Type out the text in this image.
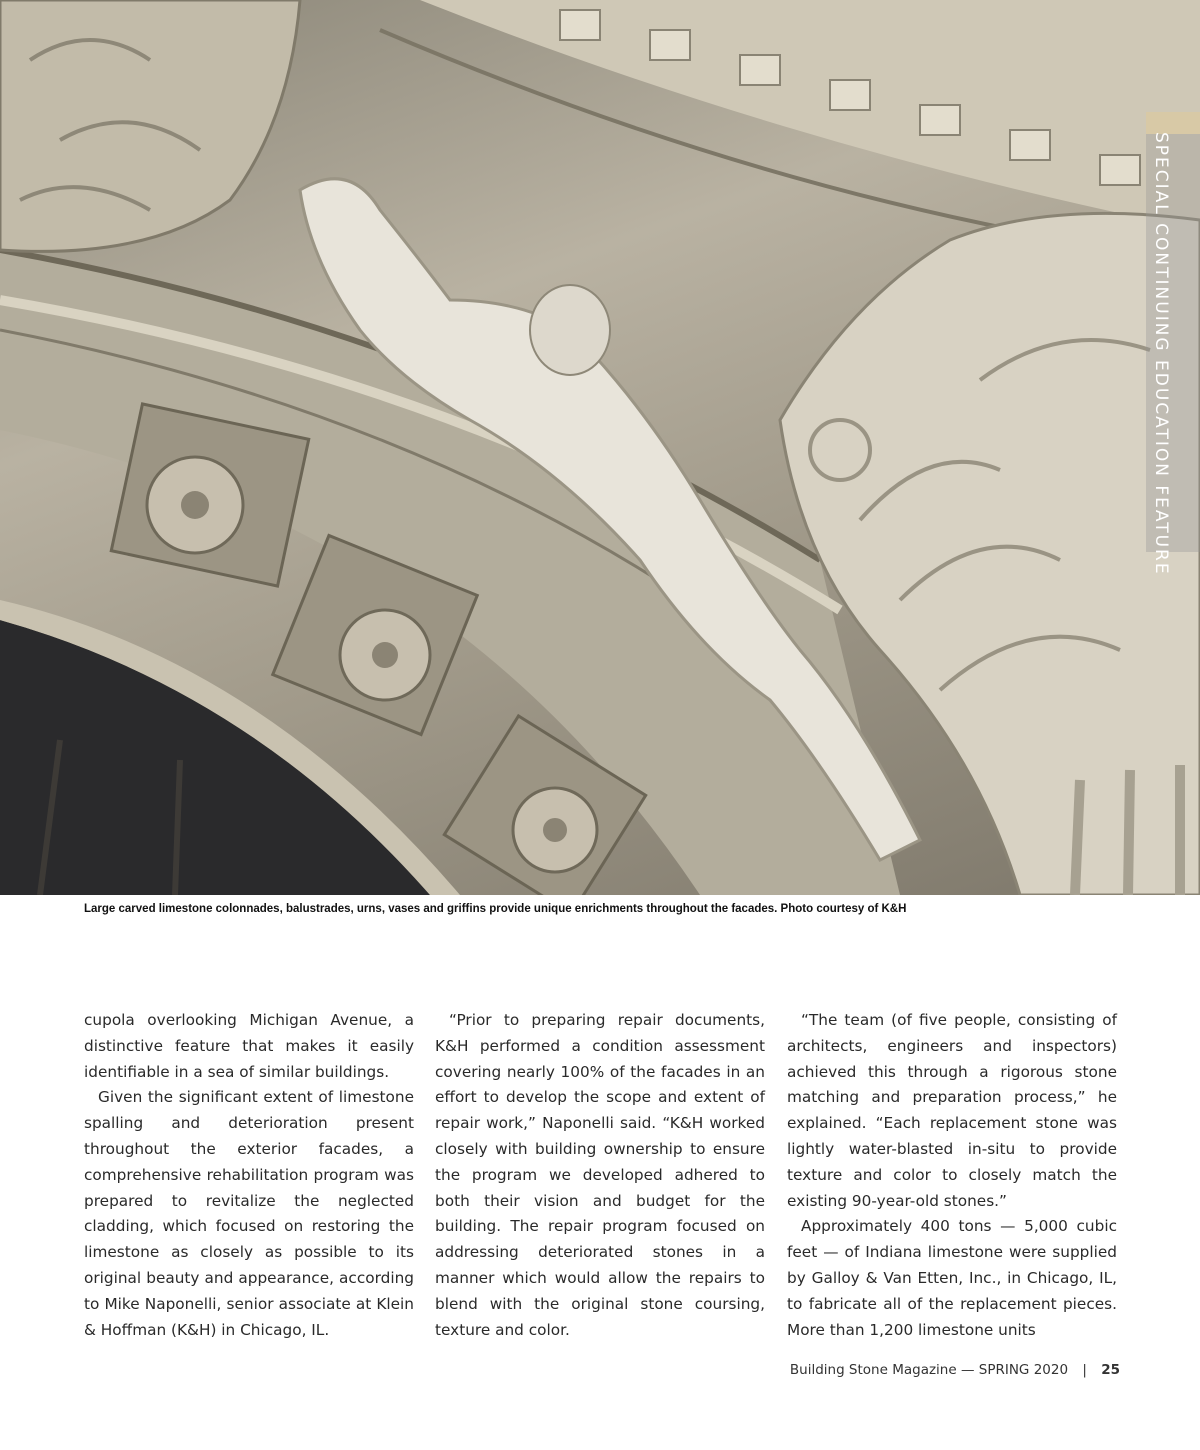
SPECIAL CONTINUING EDUCATION FEATURE
Large carved limestone colonnades, balustrades, urns, vases and griffins provide unique enrichments throughout the facades. Photo courtesy of K&H

cupola overlooking Michigan Avenue, a distinctive feature that makes it easily identifiable in a sea of similar buildings.

Given the significant extent of limestone spalling and deterioration present throughout the exterior facades, a comprehensive rehabilitation program was prepared to revitalize the neglected cladding, which focused on restoring the limestone as closely as possible to its original beauty and appearance, according to Mike Naponelli, senior associate at Klein & Hoffman (K&H) in Chicago, IL.

“Prior to preparing repair documents, K&H performed a condition assessment covering nearly 100% of the facades in an effort to develop the scope and extent of repair work,” Naponelli said. “K&H worked closely with building ownership to ensure the program we developed adhered to both their vision and budget for the building. The repair program focused on addressing deteriorated stones in a manner which would allow the repairs to blend with the original stone coursing, texture and color.

“The team (of five people, consisting of architects, engineers and inspectors) achieved this through a rigorous stone matching and preparation process,” he explained. “Each replacement stone was lightly water-blasted in-situ to provide texture and color to closely match the existing 90-year-old stones.”

Approximately 400 tons — 5,000 cubic feet — of Indiana limestone were supplied by Galloy & Van Etten, Inc., in Chicago, IL, to fabricate all of the replacement pieces. More than 1,200 limestone units

Building Stone Magazine — SPRING 2020 | 25
